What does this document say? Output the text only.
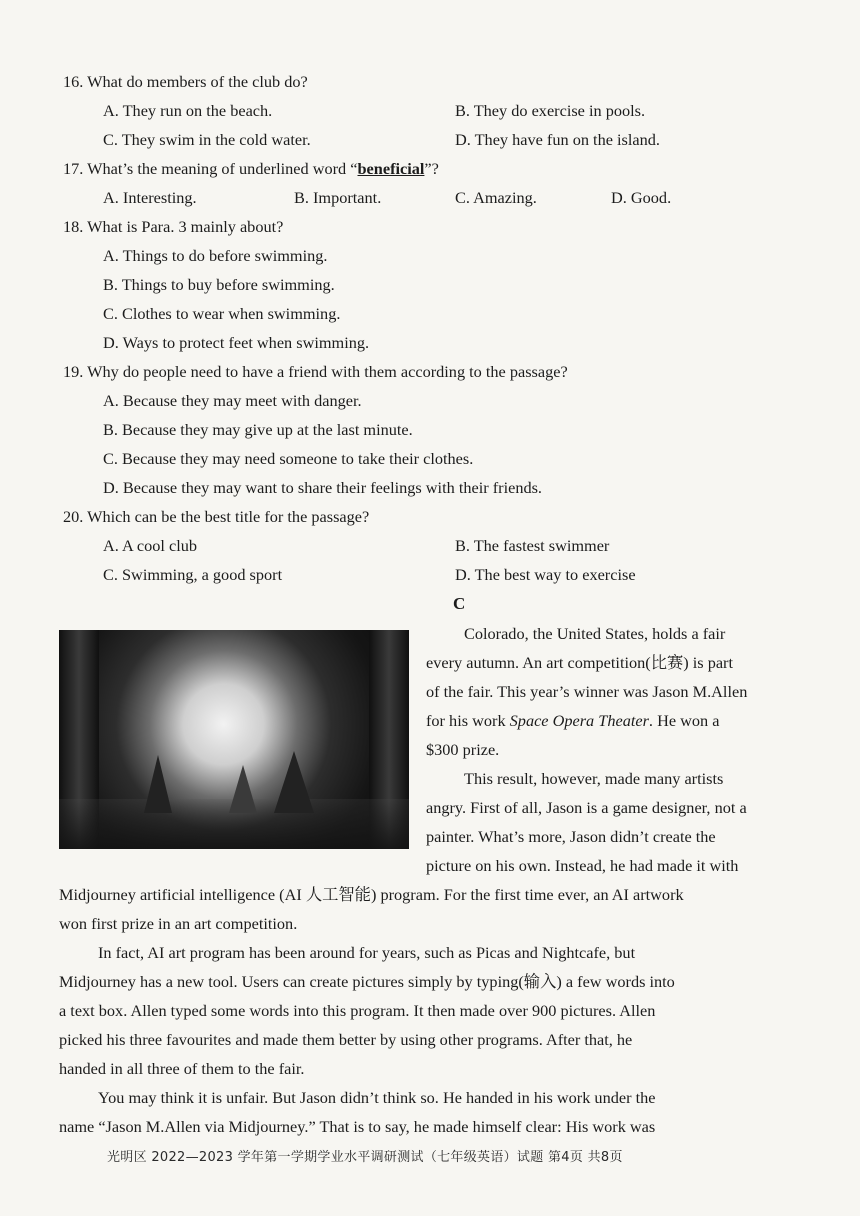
16. What do members of the club do?
A. They run on the beach.	B. They do exercise in pools.
C. They swim in the cold water.	D. They have fun on the island.
17. What’s the meaning of underlined word “beneficial”?
A. Interesting.	B. Important.	C. Amazing.	D. Good.
18. What is Para. 3 mainly about?
A. Things to do before swimming.
B. Things to buy before swimming.
C. Clothes to wear when swimming.
D. Ways to protect feet when swimming.
19. Why do people need to have a friend with them according to the passage?
A. Because they may meet with danger.
B. Because they may give up at the last minute.
C. Because they may need someone to take their clothes.
D. Because they may want to share their feelings with their friends.
20. Which can be the best title for the passage?
A. A cool club	B. The fastest swimmer
C. Swimming, a good sport	D. The best way to exercise
C
Colorado, the United States, holds a fair
every autumn. An art competition(比赛) is part
of the fair. This year’s winner was Jason M.Allen
for his work Space Opera Theater. He won a
$300 prize.
This result, however, made many artists
angry. First of all, Jason is a game designer, not a
painter. What’s more, Jason didn’t create the
picture on his own. Instead, he had made it with
Midjourney artificial intelligence (AI 人工智能) program. For the first time ever, an AI artwork
won first prize in an art competition.
In fact, AI art program has been around for years, such as Picas and Nightcafe, but
Midjourney has a new tool. Users can create pictures simply by typing(输入) a few words into
a text box. Allen typed some words into this program. It then made over 900 pictures. Allen
picked his three favourites and made them better by using other programs. After that, he
handed in all three of them to the fair.
You may think it is unfair. But Jason didn’t think so. He handed in his work under the
name “Jason M.Allen via Midjourney.” That is to say, he made himself clear: His work was
光明区 2022—2023 学年第一学期学业水平调研测试（七年级英语）试题 第4页 共8页
